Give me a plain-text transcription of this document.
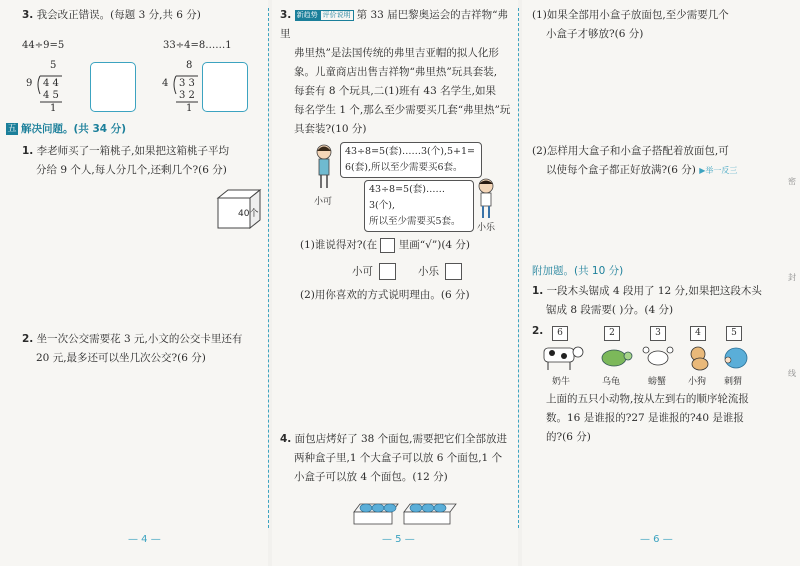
3. 我会改正错误。(每题 3 分,共 6 分)
44÷9=5	33÷4=8……1
5
9 4 4
4 5
1
8
4 3 3
3 2
1
五 解决问题。(共 34 分)
1. 李老师买了一箱桃子,如果把这箱桃子平均
分给 9 个人,每人分几个,还剩几个?(6 分)
40个
2. 坐一次公交需要花 3 元,小文的公交卡里还有
20 元,最多还可以坐几次公交?(6 分)
— 4 —
3. 新趋势 评价说明 第 33 届巴黎奥运会的吉祥物“弗里
弗里热”是法国传统的弗里吉亚帽的拟人化形
象。儿童商店出售吉祥物“弗里热”玩具套装,
每套有 8 个玩具,二(1)班有 43 名学生,如果
每名学生 1 个,那么至少需要买几套“弗里热”玩
具套装?(10 分)
小可
43÷8=5(套)……3(个),5+1=
6(套),所以至少需要买6套。
43÷8=5(套)……3(个),
所以至少需要买5套。
小乐
(1)谁说得对?(在 里画“√”)(4 分)
小可	小乐
(2)用你喜欢的方式说明理由。(6 分)
4. 面包店烤好了 38 个面包,需要把它们全部放进
两种盒子里,1 个大盒子可以放 6 个面包,1 个
小盒子可以放 4 个面包。(12 分)
— 5 —
(1)如果全部用小盒子放面包,至少需要几个
小盒子才够放?(6 分)
(2)怎样用大盒子和小盒子搭配着放面包,可
以使每个盒子都正好放满?(6 分) ▶举一反三
附加题。(共 10 分)
1. 一段木头锯成 4 段用了 12 分,如果把这段木头
锯成 8 段需要( )分。(4 分)
2.	6	2	3	4	5
奶牛	乌龟	螃蟹 小狗 刺猬
上面的五只小动物,按从左到右的顺序轮流报
数。16 是谁报的?27 是谁报的?40 是谁报
的?(6 分)
密
封
线
— 6 —
